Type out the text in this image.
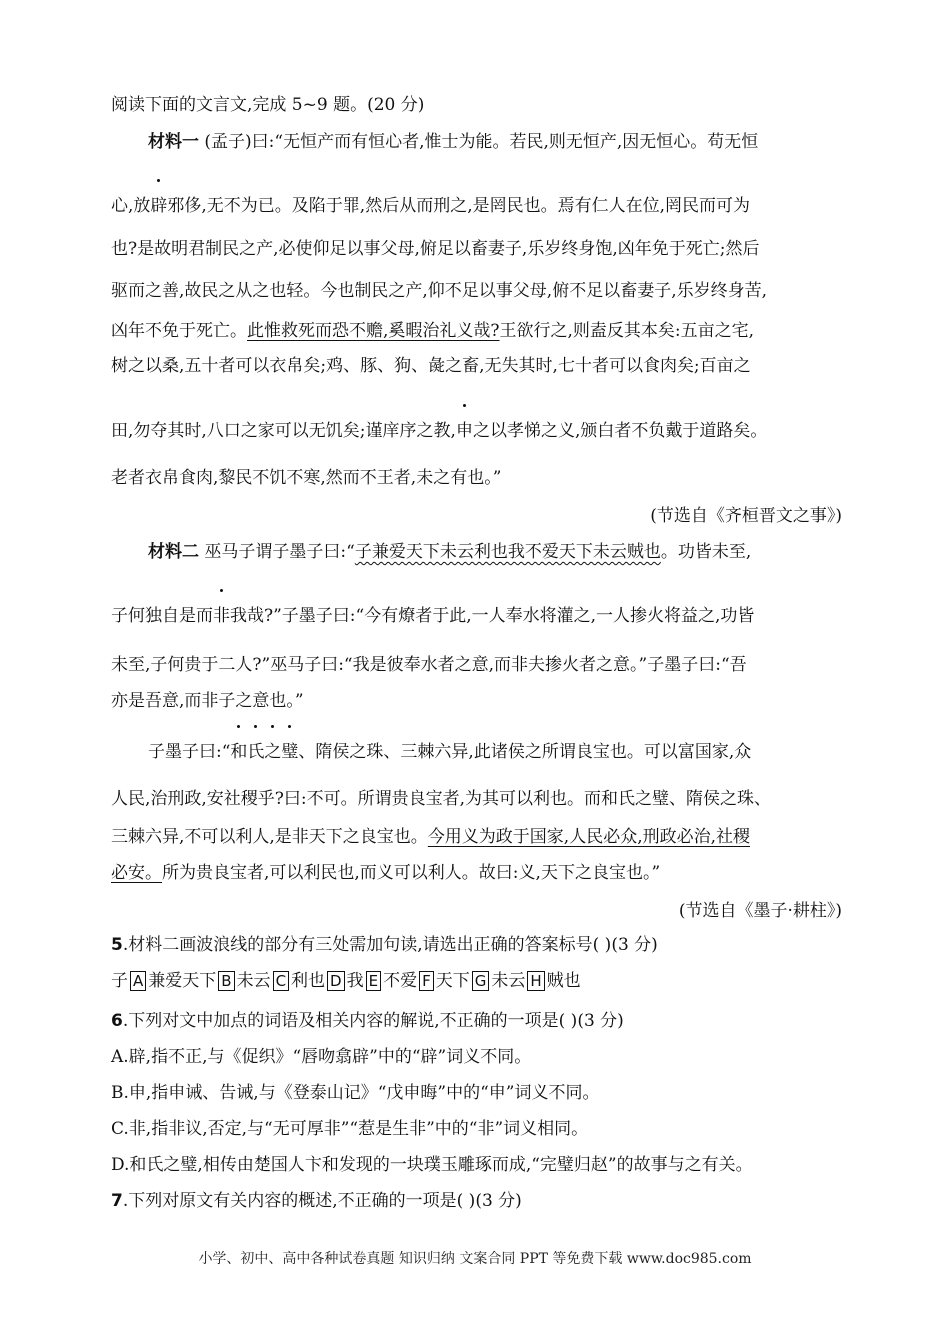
阅读下面的文言文,完成 5~9 题。(20 分)
材料一 (孟子)曰:“无恒产而有恒心者,惟士为能。若民,则无恒产,因无恒心。苟无恒
心,放辟邪侈,无不为已。及陷于罪,然后从而刑之,是罔民也。焉有仁人在位,罔民而可为
也?是故明君制民之产,必使仰足以事父母,俯足以畜妻子,乐岁终身饱,凶年免于死亡;然后
驱而之善,故民之从之也轻。今也制民之产,仰不足以事父母,俯不足以畜妻子,乐岁终身苦,
凶年不免于死亡。此惟救死而恐不赡,奚暇治礼义哉?王欲行之,则盍反其本矣:五亩之宅,
树之以桑,五十者可以衣帛矣;鸡、豚、狗、彘之畜,无失其时,七十者可以食肉矣;百亩之
田,勿夺其时,八口之家可以无饥矣;谨庠序之教,申之以孝悌之义,颁白者不负戴于道路矣。
老者衣帛食肉,黎民不饥不寒,然而不王者,未之有也。”
(节选自《齐桓晋文之事》)
材料二 巫马子谓子墨子曰:“子兼爱天下未云利也我不爱天下未云贼也。功皆未至,
子何独自是而非我哉?”子墨子曰:“今有燎者于此,一人奉水将灌之,一人掺火将益之,功皆
未至,子何贵于二人?”巫马子曰:“我是彼奉水者之意,而非夫掺火者之意。”子墨子曰:“吾
亦是吾意,而非子之意也。”
子墨子曰:“和氏之璧、隋侯之珠、三棘六异,此诸侯之所谓良宝也。可以富国家,众
人民,治刑政,安社稷乎?曰:不可。所谓贵良宝者,为其可以利也。而和氏之璧、隋侯之珠、
三棘六异,不可以利人,是非天下之良宝也。今用义为政于国家,人民必众,刑政必治,社稷
必安。所为贵良宝者,可以利民也,而义可以利人。故曰:义,天下之良宝也。”
(节选自《墨子·耕柱》)
5.材料二画波浪线的部分有三处需加句读,请选出正确的答案标号( )(3 分)
子 A 兼爱天下 B 未云 C 利也 D 我 E 不爱 F 天下 G 未云 H 贼也
6.下列对文中加点的词语及相关内容的解说,不正确的一项是( )(3 分)
A.辟,指不正,与《促织》“唇吻翕辟”中的“辟”词义不同。
B.申,指申诫、告诫,与《登泰山记》“戊申晦”中的“申”词义不同。
C.非,指非议,否定,与“无可厚非”“惹是生非”中的“非”词义相同。
D.和氏之璧,相传由楚国人卞和发现的一块璞玉雕琢而成,“完璧归赵”的故事与之有关。
7.下列对原文有关内容的概述,不正确的一项是( )(3 分)
小学、初中、高中各种试卷真题 知识归纳 文案合同 PPT 等免费下载 www.doc985.com
